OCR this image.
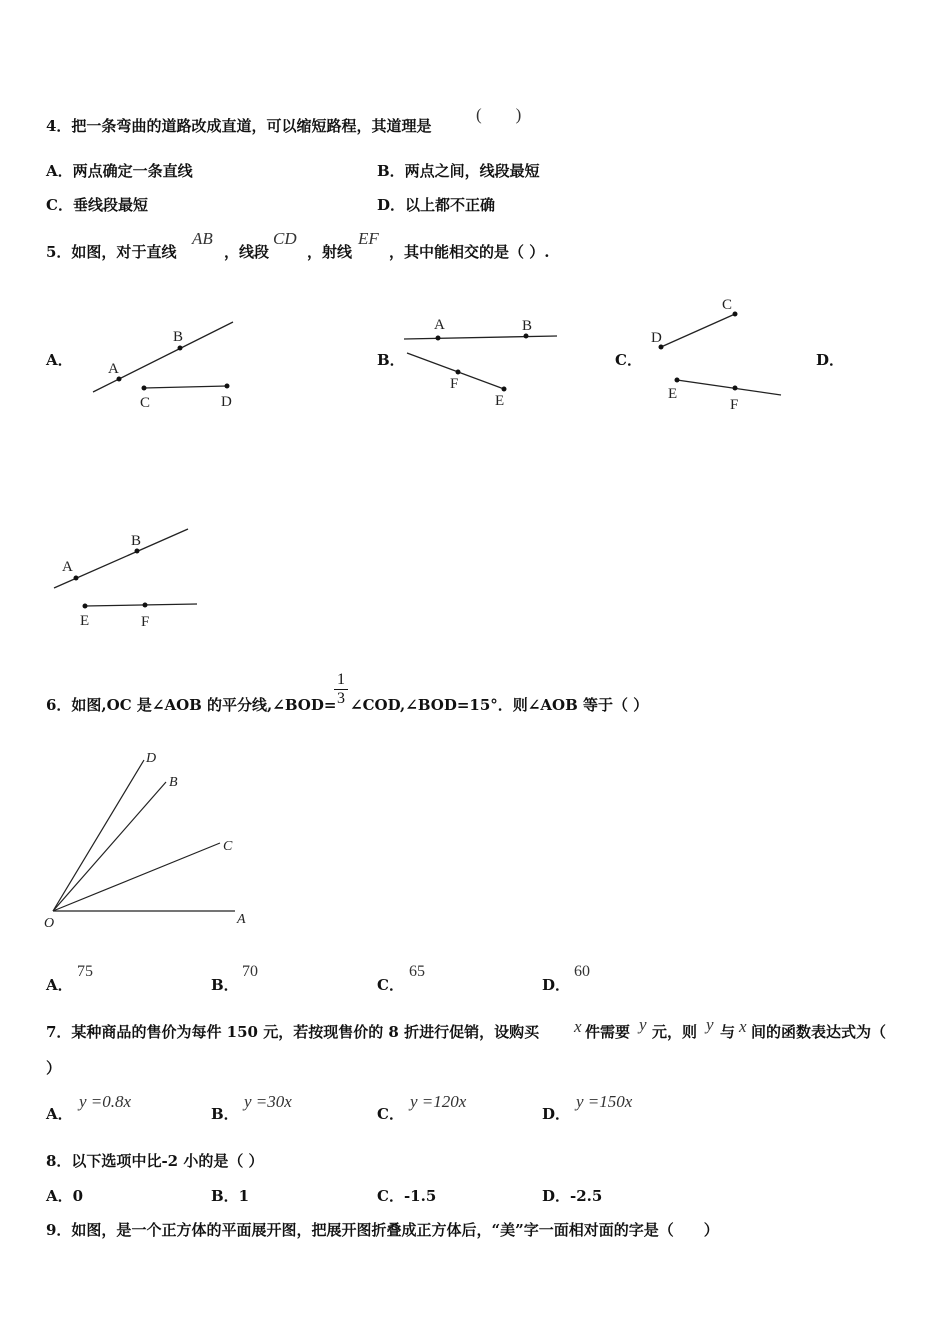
4．把一条弯曲的道路改成直道，可以缩短路程，其道理是
(　　)
A．两点确定一条直线	B．两点之间，线段最短
C．垂线段最短	D．以上都不正确
5．如图，对于直线
AB
，线段
CD
，射线
EF
，其中能相交的是（ ）.
A．	B．	C．	D．
A
B
C	D
A	B
F
E
C
D
E
F
A
B
E	F
6．如图,OC 是∠AOB 的平分线,∠BOD=
$\frac{1}{3}$ ∠COD,∠BOD=15°．则∠AOB 等于（ ）
D
B
C
O	A
A．
75
B．
70
C．
65
D．
60
7．某种商品的售价为每件 150 元，若按现售价的 8 折进行促销，设购买 x 件需要 y 元，则 y 与 x 间的函数表达式为（
）
A．
y =0.8x
B．
y =30x
C．
y =120x
D．
y =150x
8．以下选项中比-2 小的是（ ）
A．0	B．1	C．-1.5	D．-2.5
9．如图，是一个正方体的平面展开图，把展开图折叠成正方体后，“美”字一面相对面的字是（　　）
